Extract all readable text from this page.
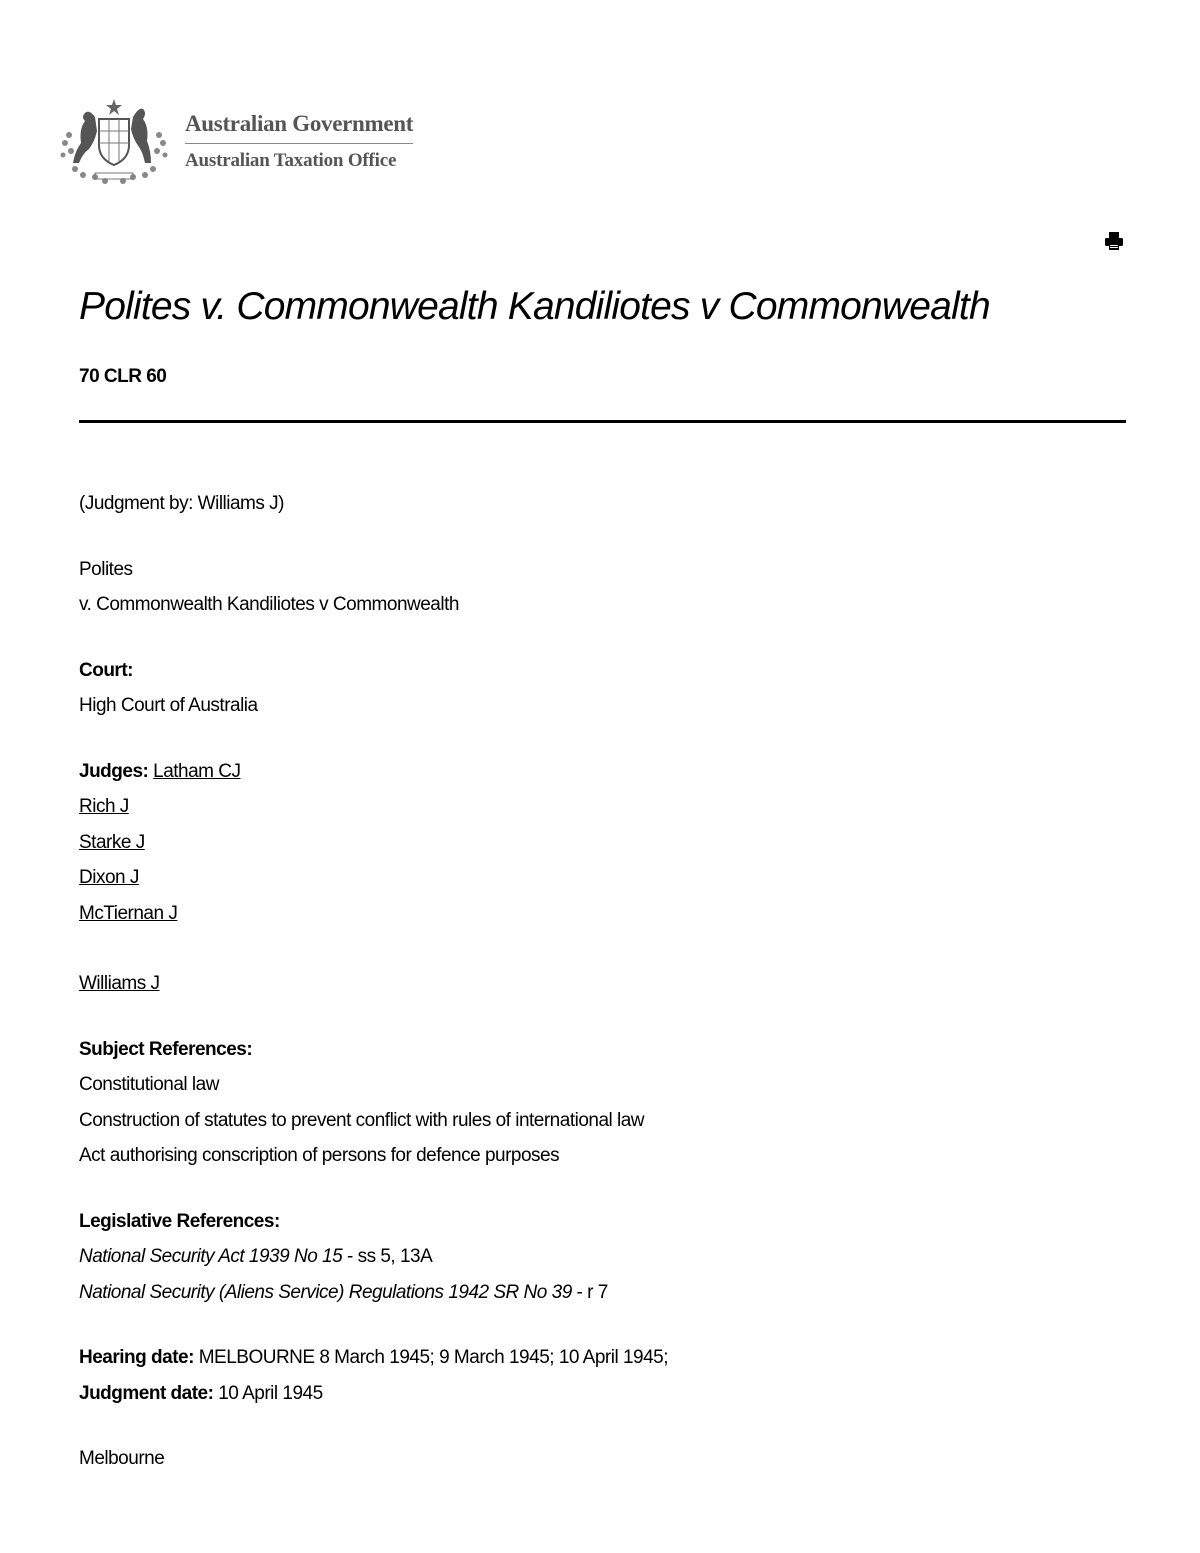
Australian Government
Australian Taxation Office
Polites v. Commonwealth Kandiliotes v Commonwealth
70 CLR 60

(Judgment by: Williams J)

Polites

v. Commonwealth Kandiliotes v Commonwealth

Court:

High Court of Australia

Judges: Latham CJ

Rich J

Starke J

Dixon J

McTiernan J

Williams J

Subject References:

Constitutional law

Construction of statutes to prevent conflict with rules of international law

Act authorising conscription of persons for defence purposes

Legislative References:

National Security Act 1939 No 15 - ss 5, 13A

National Security (Aliens Service) Regulations 1942 SR No 39 - r 7

Hearing date: MELBOURNE 8 March 1945; 9 March 1945; 10 April 1945;

Judgment date: 10 April 1945

Melbourne
